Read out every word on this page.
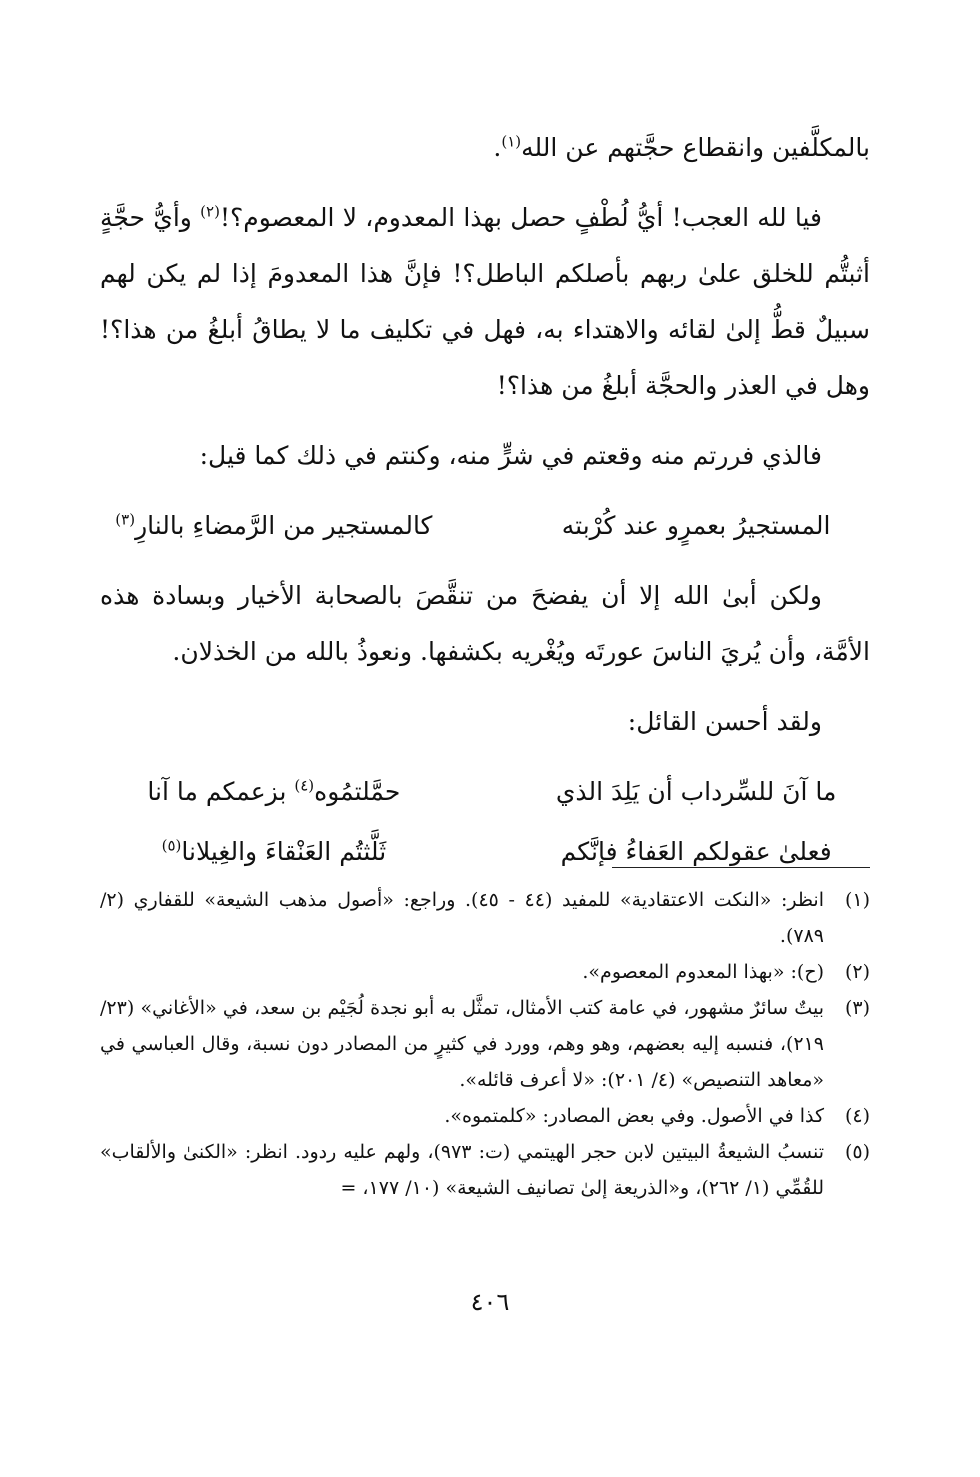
بالمكلَّفين وانقطاع حجَّتهم عن الله$^{(١)}$.

فيا لله العجب! أيُّ لُطْفٍ حصل بهذا المعدوم، لا المعصوم؟!$^{(٢)}$ وأيُّ حجَّةٍ أثبتُّم للخلق علىٰ ربهم بأصلكم الباطل؟! فإنَّ هذا المعدومَ إذا لم يكن لهم سبيلٌ قطُّ إلىٰ لقائه والاهتداء به، فهل في تكليف ما لا يطاقُ أبلغُ من هذا؟! وهل في العذر والحجَّة أبلغُ من هذا؟!

فالذي فررتم منه وقعتم في شرٍّ منه، وكنتم في ذلك كما قيل:

المستجيرُ بعمرٍو عند كُرْبته
كالمستجير من الرَّمضاءِ بالنارِ$^{(٣)}$

ولكن أبىٰ الله إلا أن يفضحَ من تنقَّصَ بالصحابة الأخيار وبسادة هذه الأمَّة، وأن يُريَ الناسَ عورتَه ويُغْريه بكشفها. ونعوذُ بالله من الخذلان.

ولقد أحسن القائل:

ما آنَ للسِّرداب أن يَلِدَ الذي
حمَّلتمُوه$^{(٤)}$ بزعمكم ما آنا
فعلىٰ عقولكم العَفاءُ فإنَّكم
ثَلَّثتُم العَنْقاءَ والغِيلانا$^{(٥)}$
(١)
انظر: «النكت الاعتقادية» للمفيد (٤٤ - ٤٥). وراجع: «أصول مذهب الشيعة» للقفاري (٢/ ٧٨٩).
(٢)
(ح): «بهذا المعدوم المعصوم».
(٣)
بيتٌ سائرٌ مشهور، في عامة كتب الأمثال، تمثَّل به أبو نجدة لُجَيْم بن سعد، في «الأغاني» (٢٣/ ٢١٩)، فنسبه إليه بعضهم، وهو وهم، وورد في كثيرٍ من المصادر دون نسبة، وقال العباسي في «معاهد التنصيص» (٤/ ٢٠١): «لا أعرف قائله».
(٤)
كذا في الأصول. وفي بعض المصادر: «كلمتموه».
(٥)
تنسبُ الشيعةُ البيتين لابن حجر الهيتمي (ت: ٩٧٣)، ولهم عليه ردود. انظر: «الكنىٰ والألقاب» للقُمِّي (١/ ٢٦٢)، و«الذريعة إلىٰ تصانيف الشيعة» (١٠/ ١٧٧، =
٤٠٦
